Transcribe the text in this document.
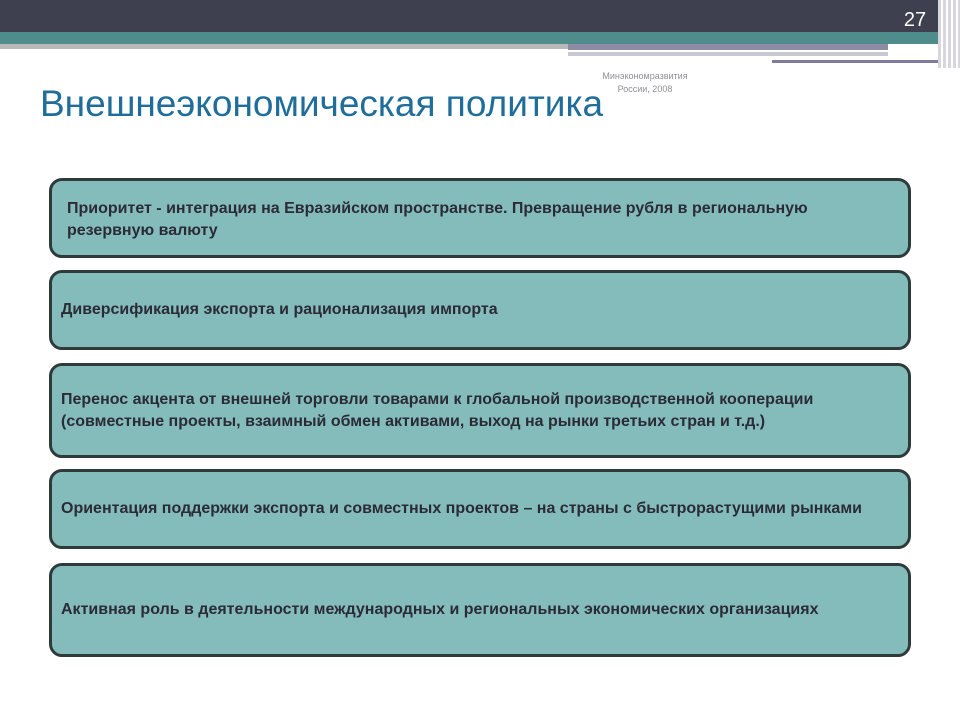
27
Минэкономразвития
России, 2008
Внешнеэкономическая политика
Приоритет - интеграция на Евразийском пространстве. Превращение рубля в региональную резервную валюту
Диверсификация экспорта и рационализация импорта
Перенос акцента от внешней торговли товарами к глобальной производственной кооперации (совместные проекты, взаимный обмен активами, выход на рынки третьих стран и т.д.)
Ориентация поддержки экспорта и совместных проектов – на страны с быстрорастущими рынками
Активная роль в деятельности международных и региональных экономических организациях
